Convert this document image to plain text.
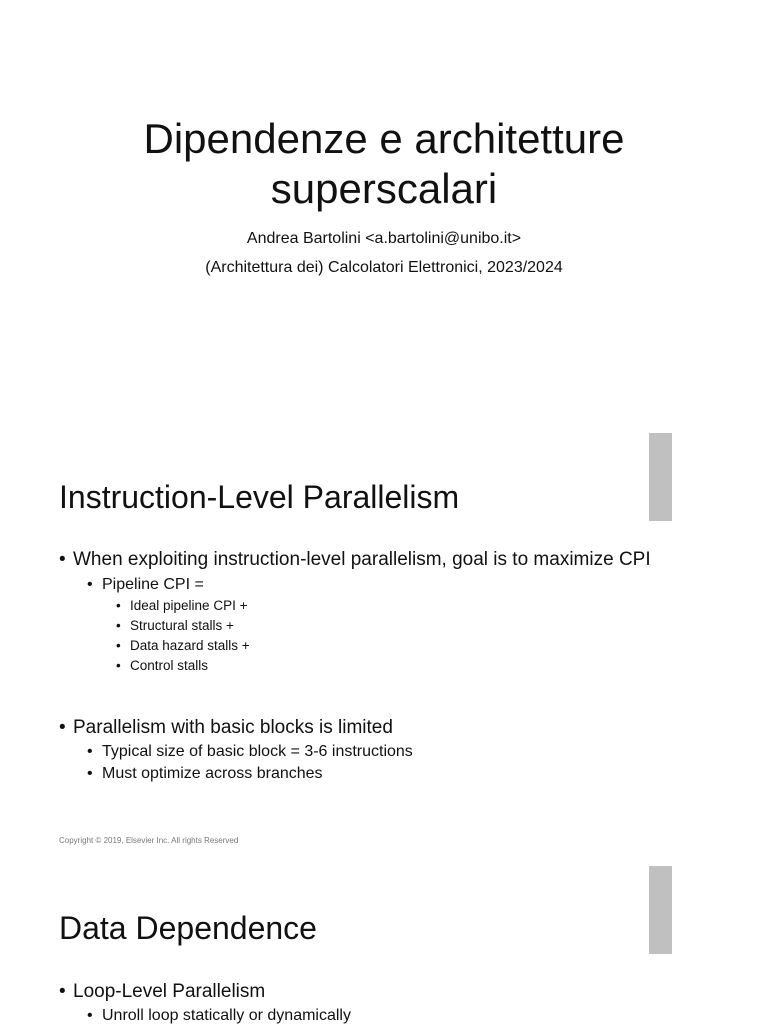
Dipendenze e architetture
superscalari
Andrea Bartolini <a.bartolini@unibo.it>
(Architettura dei) Calcolatori Elettronici, 2023/2024
Instruction-Level Parallelism
• When exploiting instruction-level parallelism, goal is to maximize CPI
• Pipeline CPI =
• Ideal pipeline CPI +
• Structural stalls +
• Data hazard stalls +
• Control stalls
• Parallelism with basic blocks is limited
• Typical size of basic block = 3-6 instructions
• Must optimize across branches
Copyright © 2019, Elsevier Inc. All rights Reserved
Data Dependence
• Loop-Level Parallelism
• Unroll loop statically or dynamically
